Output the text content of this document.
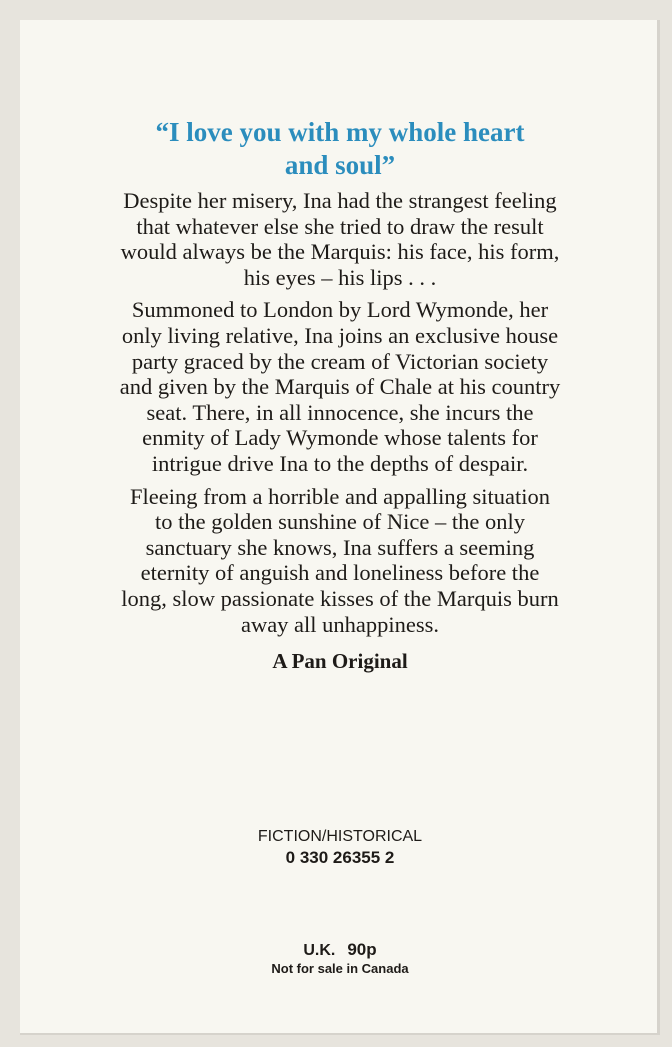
“I love you with my whole heart
and soul”

Despite her misery, Ina had the strangest feeling
that whatever else she tried to draw the result
would always be the Marquis: his face, his form,
his eyes – his lips . . .

Summoned to London by Lord Wymonde, her
only living relative, Ina joins an exclusive house
party graced by the cream of Victorian society
and given by the Marquis of Chale at his country
seat. There, in all innocence, she incurs the
enmity of Lady Wymonde whose talents for
intrigue drive Ina to the depths of despair.

Fleeing from a horrible and appalling situation
to the golden sunshine of Nice – the only
sanctuary she knows, Ina suffers a seeming
eternity of anguish and loneliness before the
long, slow passionate kisses of the Marquis burn
away all unhappiness.

A Pan Original
FICTION/HISTORICAL
0 330 26355 2
U.K. 90p
Not for sale in Canada
